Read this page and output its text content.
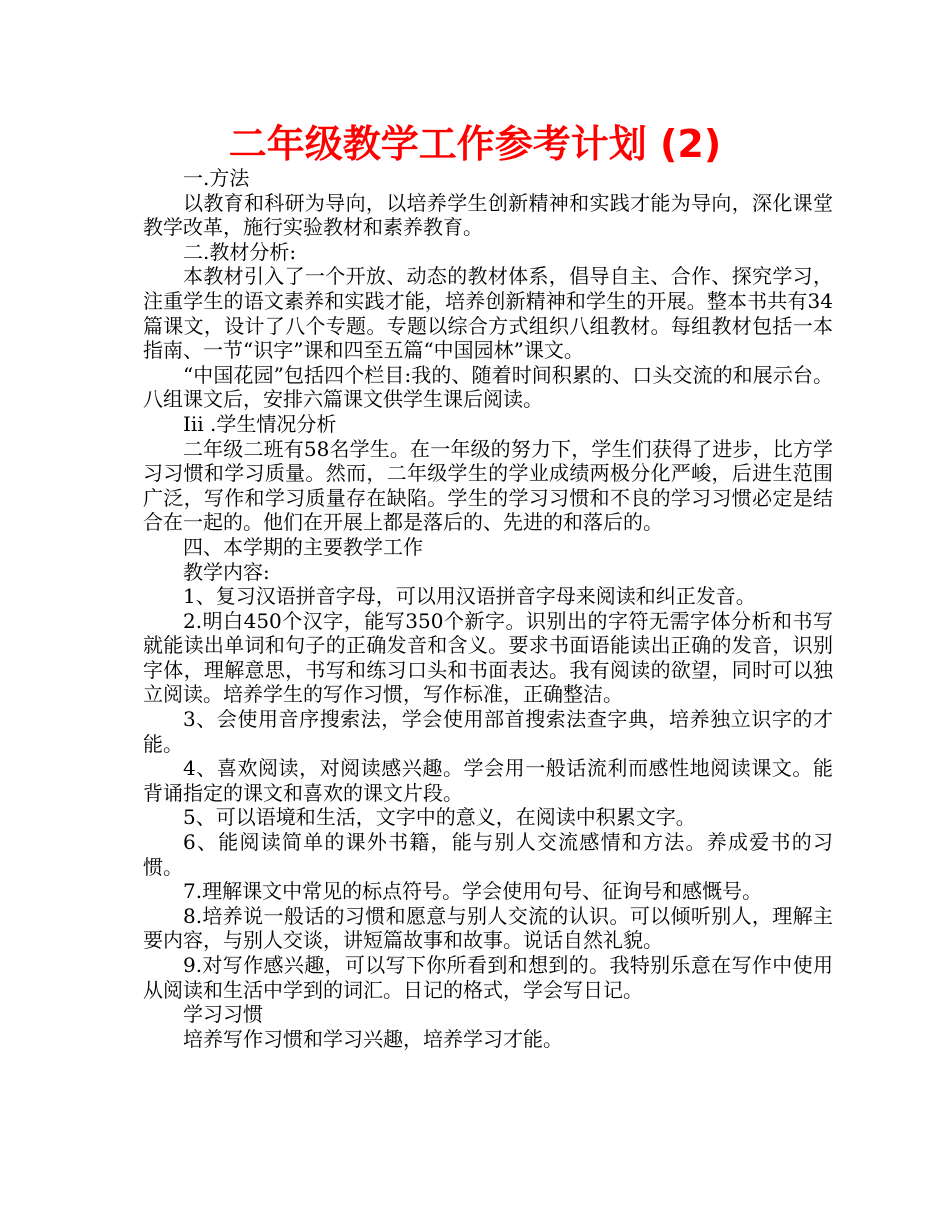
二年级教学工作参考计划 (2)

一.方法

以教育和科研为导向，以培养学生创新精神和实践才能为导向，深化课堂教学改革，施行实验教材和素养教育。

二.教材分析:

本教材引入了一个开放、动态的教材体系，倡导自主、合作、探究学习，注重学生的语文素养和实践才能，培养创新精神和学生的开展。整本书共有34篇课文，设计了八个专题。专题以综合方式组织八组教材。每组教材包括一本指南、一节“识字”课和四至五篇“中国园林”课文。

“中国花园”包括四个栏目:我的、随着时间积累的、口头交流的和展示台。八组课文后，安排六篇课文供学生课后阅读。

Iii .学生情况分析

二年级二班有58名学生。在一年级的努力下，学生们获得了进步，比方学习习惯和学习质量。然而，二年级学生的学业成绩两极分化严峻，后进生范围广泛，写作和学习质量存在缺陷。学生的学习习惯和不良的学习习惯必定是结合在一起的。他们在开展上都是落后的、先进的和落后的。

四、本学期的主要教学工作

教学内容:

1、复习汉语拼音字母，可以用汉语拼音字母来阅读和纠正发音。

2.明白450个汉字，能写350个新字。识别出的字符无需字体分析和书写就能读出单词和句子的正确发音和含义。要求书面语能读出正确的发音，识别字体，理解意思，书写和练习口头和书面表达。我有阅读的欲望，同时可以独立阅读。培养学生的写作习惯，写作标准，正确整洁。

3、会使用音序搜索法，学会使用部首搜索法查字典，培养独立识字的才能。

4、喜欢阅读，对阅读感兴趣。学会用一般话流利而感性地阅读课文。能背诵指定的课文和喜欢的课文片段。

5、可以语境和生活，文字中的意义，在阅读中积累文字。

6、能阅读简单的课外书籍，能与别人交流感情和方法。养成爱书的习惯。

7.理解课文中常见的标点符号。学会使用句号、征询号和感慨号。

8.培养说一般话的习惯和愿意与别人交流的认识。可以倾听别人，理解主要内容，与别人交谈，讲短篇故事和故事。说话自然礼貌。

9.对写作感兴趣，可以写下你所看到和想到的。我特别乐意在写作中使用从阅读和生活中学到的词汇。日记的格式，学会写日记。

学习习惯

培养写作习惯和学习兴趣，培养学习才能。
